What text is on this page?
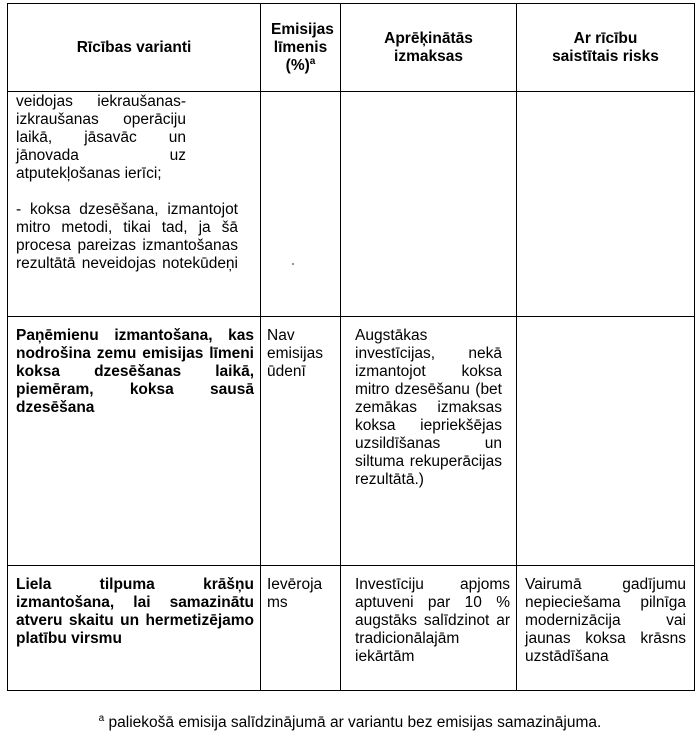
Rīcības varianti	Emisijas līmenis (%)$^a$	Aprēķinātās izmaksas	Ar rīcību saistītais risks

veidojas iekraušanas-izkraušanas operāciju laikā, jāsavāc un jānovada uz atputekļošanas ierīci;
- koksa dzesēšana, izmantojot mitro metodi, tikai tad, ja šā procesa pareizas izmantošanas rezultātā neveidojas notekūdeņi			

Paņēmienu izmantošana, kas nodrošina zemu emisijas līmeni koksa dzesēšanas laikā, piemēram, koksa sausā dzesēšana	Nav emisijas ūdenī	Augstākas investīcijas, nekā izmantojot koksa mitro dzesēšanu (bet zemākas izmaksas koksa iepriekšējas uzsildīšanas un siltuma rekuperācijas rezultātā.)	

Liela tilpuma krāšņu izmantošana, lai samazinātu atveru skaitu un hermetizējamo platību virsmu	Ievērojams	Investīciju apjoms aptuveni par 10 % augstāks salīdzinot ar tradicionālajām iekārtām	Vairumā gadījumu nepieciešama pilnīga modernizācija vai jaunas koksa krāsns uzstādīšana
$^a$ paliekošā emisija salīdzinājumā ar variantu bez emisijas samazinājuma.
